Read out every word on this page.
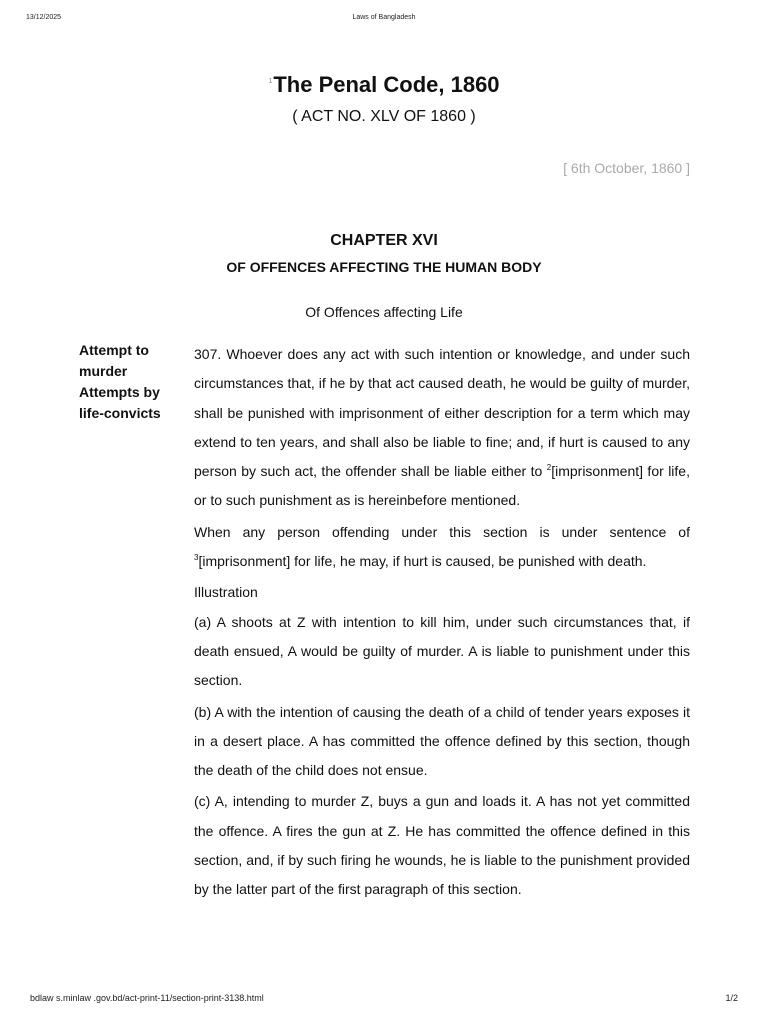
13/12/2025	Laws of Bangladesh
$^1$The Penal Code, 1860
( ACT NO. XLV OF 1860 )
[ 6th October, 1860 ]
CHAPTER XVI
OF OFFENCES AFFECTING THE HUMAN BODY
Of Offences affecting Life
Attempt to murder Attempts by life-convicts

307. Whoever does any act with such intention or knowledge, and under such circumstances that, if he by that act caused death, he would be guilty of murder, shall be punished with imprisonment of either description for a term which may extend to ten years, and shall also be liable to fine; and, if hurt is caused to any person by such act, the offender shall be liable either to $^2$[imprisonment] for life, or to such punishment as is hereinbefore mentioned.

When any person offending under this section is under sentence of $^3$[imprisonment] for life, he may, if hurt is caused, be punished with death.

Illustration

(a) A shoots at Z with intention to kill him, under such circumstances that, if death ensued, A would be guilty of murder. A is liable to punishment under this section.

(b) A with the intention of causing the death of a child of tender years exposes it in a desert place. A has committed the offence defined by this section, though the death of the child does not ensue.

(c) A, intending to murder Z, buys a gun and loads it. A has not yet committed the offence. A fires the gun at Z. He has committed the offence defined in this section, and, if by such firing he wounds, he is liable to the punishment provided by the latter part of the first paragraph of this section.

bdlaw s.minlaw .gov.bd/act-print-11/section-print-3138.html	1/2
